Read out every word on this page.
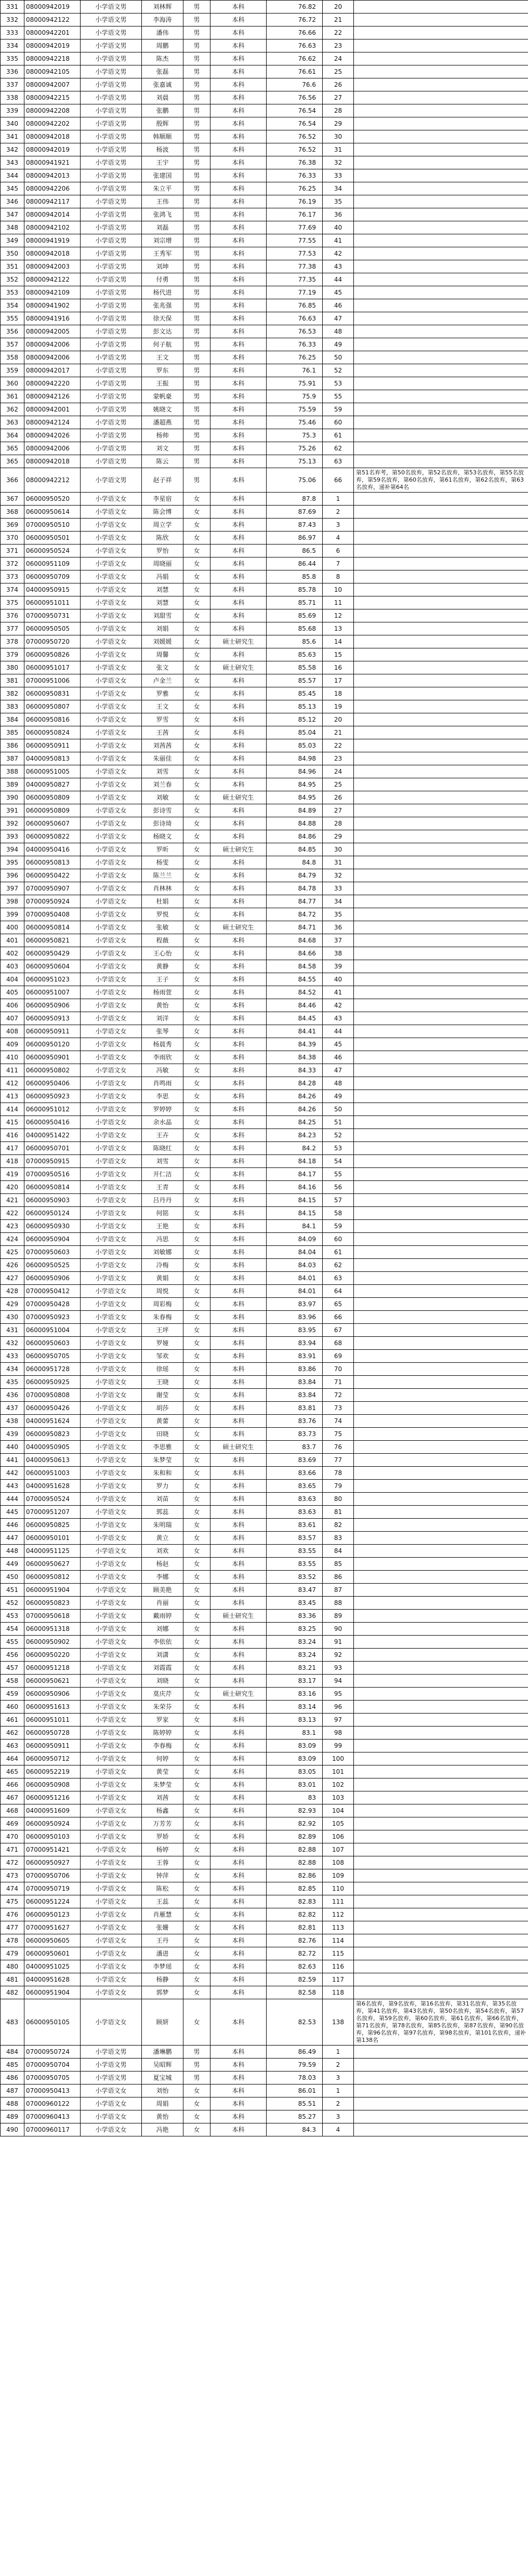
331	08000942019	小学语文男	刘林辉	男	本科	76.82	20	
332	08000942122	小学语文男	李海涛	男	本科	76.72	21	
333	08000942201	小学语文男	潘伟	男	本科	76.66	22	
334	08000942019	小学语文男	周鹏	男	本科	76.63	23	
335	08000942218	小学语文男	陈杰	男	本科	76.62	24	
336	08000942105	小学语文男	张磊	男	本科	76.61	25	
337	08000942007	小学语文男	张嘉诚	男	本科	76.6	26	
338	08000942215	小学语文男	刘晨	男	本科	76.56	27	
339	08000942208	小学语文男	张鹏	男	本科	76.54	28	
340	08000942202	小学语文男	殷辉	男	本科	76.54	29	
341	08000942018	小学语文男	韩顺顺	男	本科	76.52	30	
342	08000942019	小学语文男	杨波	男	本科	76.52	31	
343	08000941921	小学语文男	王宇	男	本科	76.38	32	
344	08000942013	小学语文男	张建国	男	本科	76.33	33	
345	08000942206	小学语文男	朱立平	男	本科	76.25	34	
346	08000942117	小学语文男	王伟	男	本科	76.19	35	
347	08000942014	小学语文男	张鸿飞	男	本科	76.17	36	
348	08000942102	小学语文男	刘磊	男	本科	77.69	40	
349	08000941919	小学语文男	刘宗增	男	本科	77.55	41	
350	08000942018	小学语文男	王秀军	男	本科	77.53	42	
351	08000942003	小学语文男	刘坤	男	本科	77.38	43	
352	08000942122	小学语文男	付勇	男	本科	77.35	44	
353	08000942109	小学语文男	杨代进	男	本科	77.19	45	
354	08000941902	小学语文男	张兆强	男	本科	76.85	46	
355	08000941916	小学语文男	徐天保	男	本科	76.63	47	
356	08000942005	小学语文男	彭文达	男	本科	76.53	48	
357	08000942006	小学语文男	何子航	男	本科	76.33	49	
358	08000942006	小学语文男	王文	男	本科	76.25	50	
359	08000942017	小学语文男	罗东	男	本科	76.1	52	
360	08000942220	小学语文男	王振	男	本科	75.91	53	
361	08000942126	小学语文男	蒙帆豪	男	本科	75.9	55	
362	08000942001	小学语文男	姚晓文	男	本科	75.59	59	
363	08000942124	小学语文男	潘超燕	男	本科	75.46	60	
364	08000942026	小学语文男	杨帅	男	本科	75.3	61	
365	08000942006	小学语文男	刘文	男	本科	75.26	62	
365	08000942018	小学语文男	陈云	男	本科	75.13	63	
366	08000942212	小学语文男	赵子祥	男	本科	75.06	66	第51名弃考，第50名放弃，第52名放弃，第53名放弃，第55名放弃，第59名放弃，第60名放弃，第61名放弃，第62名放弃，第63名放弃，递补第64名
367	06000950520	小学语文女	李星宿	女	本科	87.8	1	
368	06000950614	小学语文女	陈会博	女	本科	87.69	2	
369	07000950510	小学语文女	周立学	女	本科	87.43	3	
370	06000950501	小学语文女	陈欣	女	本科	86.97	4	
371	06000950524	小学语文女	罗怡	女	本科	86.5	6	
372	06000951109	小学语文女	周晓丽	女	本科	86.44	7	
373	06000950709	小学语文女	冯娟	女	本科	85.8	8	
374	04000950915	小学语文女	刘慧	女	本科	85.78	10	
375	06000951011	小学语文女	刘慧	女	本科	85.71	11	
376	07000950731	小学语文女	刘甜雪	女	本科	85.69	12	
377	06000950505	小学语文女	刘娟	女	本科	85.68	13	
378	07000950720	小学语文女	刘媛媛	女	硕士研究生	85.6	14	
379	06000950826	小学语文女	周馨	女	本科	85.63	15	
380	06000951017	小学语文女	张文	女	硕士研究生	85.58	16	
381	07000951006	小学语文女	卢金兰	女	本科	85.57	17	
382	06000950831	小学语文女	罗雅	女	本科	85.45	18	
383	06000950807	小学语文女	王文	女	本科	85.13	19	
384	06000950816	小学语文女	罗雪	女	本科	85.12	20	
385	06000950824	小学语文女	王茜	女	本科	85.04	21	
386	06000950911	小学语文女	刘茜茜	女	本科	85.03	22	
387	04000950813	小学语文女	朱丽佳	女	本科	84.98	23	
388	06000951005	小学语文女	刘雪	女	本科	84.96	24	
389	04000950827	小学语文女	刘兰春	女	本科	84.95	25	
390	06000950809	小学语文女	刘敏	女	硕士研究生	84.95	26	
391	06000950809	小学语文女	彭诗雪	女	本科	84.89	27	
392	06000950607	小学语文女	彭诗琦	女	本科	84.88	28	
393	06000950822	小学语文女	杨晓文	女	本科	84.86	29	
394	04000950416	小学语文女	罗昕	女	硕士研究生	84.85	30	
395	06000950813	小学语文女	杨雯	女	本科	84.8	31	
396	06000950422	小学语文女	陈兰兰	女	本科	84.79	32	
397	07000950907	小学语文女	肖林林	女	本科	84.78	33	
398	07000950924	小学语文女	杜娟	女	本科	84.77	34	
399	07000950408	小学语文女	罗悦	女	本科	84.72	35	
400	06000950814	小学语文女	张敏	女	硕士研究生	84.71	36	
401	06000950821	小学语文女	程薇	女	本科	84.68	37	
402	06000950429	小学语文女	王心怡	女	本科	84.66	38	
403	06000950604	小学语文女	黄静	女	本科	84.58	39	
404	06000951023	小学语文女	王子	女	本科	84.55	40	
405	06000951007	小学语文女	杨雨萱	女	本科	84.52	41	
406	06000950906	小学语文女	黄怡	女	本科	84.46	42	
407	06000950913	小学语文女	刘洋	女	本科	84.45	43	
408	06000950911	小学语文女	张琴	女	本科	84.41	44	
409	06000950120	小学语文女	杨晨秀	女	本科	84.39	45	
410	06000950901	小学语文女	李雨欣	女	本科	84.38	46	
411	06000950802	小学语文女	冯敏	女	本科	84.33	47	
412	06000950406	小学语文女	肖鸣雨	女	本科	84.28	48	
413	06000950923	小学语文女	李思	女	本科	84.26	49	
414	06000951012	小学语文女	罗婷婷	女	本科	84.26	50	
415	06000950416	小学语文女	余水晶	女	本科	84.25	51	
416	04000951422	小学语文女	王卉	女	本科	84.23	52	
417	06000950701	小学语文女	陈晓红	女	本科	84.2	53	
418	07000950915	小学语文女	刘雪	女	本科	84.18	54	
419	07000950516	小学语文女	开仁洁	女	本科	84.17	55	
420	06000950814	小学语文女	王青	女	本科	84.16	56	
421	06000950903	小学语文女	吕丹丹	女	本科	84.15	57	
422	06000950124	小学语文女	何铭	女	本科	84.15	58	
423	06000950930	小学语文女	王艳	女	本科	84.1	59	
424	06000950904	小学语文女	冯思	女	本科	84.09	60	
425	07000950603	小学语文女	刘敏娜	女	本科	84.04	61	
426	06000950525	小学语文女	冷梅	女	本科	84.03	62	
427	06000950906	小学语文女	黄娟	女	本科	84.01	63	
428	07000950412	小学语文女	周悦	女	本科	84.01	64	
429	07000950428	小学语文女	周彩梅	女	本科	83.97	65	
430	07000950923	小学语文女	朱春梅	女	本科	83.96	66	
431	06000951004	小学语文女	王坪	女	本科	83.95	67	
432	06000950603	小学语文女	罗娅	女	本科	83.94	68	
433	06000950705	小学语文女	邹欢	女	本科	83.91	69	
434	06000951728	小学语文女	徐瑶	女	本科	83.86	70	
435	06000950925	小学语文女	王晓	女	本科	83.84	71	
436	07000950808	小学语文女	谢莹	女	本科	83.84	72	
437	06000950426	小学语文女	胡莎	女	本科	83.81	73	
438	04000951624	小学语文女	黄蕾	女	本科	83.76	74	
439	06000950823	小学语文女	田晓	女	本科	83.73	75	
440	04000950905	小学语文女	李思雅	女	硕士研究生	83.7	76	
441	04000950613	小学语文女	朱梦莹	女	本科	83.69	77	
442	06000951003	小学语文女	朱和和	女	本科	83.66	78	
443	04000951628	小学语文女	罗力	女	本科	83.65	79	
444	07000950524	小学语文女	刘苗	女	本科	83.63	80	
445	07000951207	小学语文女	郭蕊	女	本科	83.63	81	
446	06000950825	小学语文女	朱明瑞	女	本科	83.61	82	
447	06000950101	小学语文女	黄立	女	本科	83.57	83	
448	04000951125	小学语文女	刘欢	女	本科	83.55	84	
449	06000950627	小学语文女	杨赵	女	本科	83.55	85	
450	06000950812	小学语文女	李娜	女	本科	83.52	86	
451	06000951904	小学语文女	顾美艳	女	本科	83.47	87	
452	06000950823	小学语文女	肖丽	女	本科	83.45	88	
453	07000950618	小学语文女	戴雨婷	女	硕士研究生	83.36	89	
454	06000951318	小学语文女	刘娜	女	本科	83.25	90	
455	06000950902	小学语文女	李依依	女	本科	83.24	91	
456	06000950220	小学语文女	刘潇	女	本科	83.24	92	
457	06000951218	小学语文女	刘霞霞	女	本科	83.21	93	
458	06000950621	小学语文女	刘晓	女	本科	83.17	94	
459	06000950906	小学语文女	莫庆芹	女	硕士研究生	83.16	95	
460	06000951613	小学语文女	朱荣芬	女	本科	83.14	96	
461	06000951011	小学语文女	罗家	女	本科	83.13	97	
462	06000950728	小学语文女	陈婷婷	女	本科	83.1	98	
463	06000950911	小学语文女	李春梅	女	本科	83.09	99	
464	06000950712	小学语文女	何婷	女	本科	83.09	100	
465	06000952219	小学语文女	黄莹	女	本科	83.05	101	
466	06000950908	小学语文女	朱梦莹	女	本科	83.01	102	
467	06000951216	小学语文女	刘茜	女	本科	83	103	
468	04000951609	小学语文女	杨鑫	女	本科	82.93	104	
469	06000950924	小学语文女	万芳芳	女	本科	82.92	105	
470	06000950103	小学语文女	罗娇	女	本科	82.89	106	
471	07000951421	小学语文女	杨婷	女	本科	82.88	107	
472	06000950927	小学语文女	王蓉	女	本科	82.88	108	
473	07000950706	小学语文女	钟萍	女	本科	82.86	109	
474	07000950719	小学语文女	陈松	女	本科	82.85	110	
475	06000951224	小学语文女	王蕊	女	本科	82.83	111	
476	06000950123	小学语文女	肖雁慧	女	本科	82.82	112	
477	07000951627	小学语文女	张姗	女	本科	82.81	113	
478	06000950605	小学语文女	王丹	女	本科	82.76	114	
479	06000950601	小学语文女	潘进	女	本科	82.72	115	
480	04000951025	小学语文女	李梦瑶	女	本科	82.63	116	
481	04000951628	小学语文女	杨静	女	本科	82.59	117	
482	06000951904	小学语文女	郭梦	女	本科	82.58	118	
483	06000950105	小学语文女	顾妍	女	本科	82.53	138	第6名放弃，第9名放弃，第16名放弃，第31名放弃，第35名放弃，第41名放弃，第43名放弃，第50名放弃，第54名放弃，第57名放弃，第59名放弃，第60名放弃，第61名放弃，第66名放弃，第71名放弃，第78名放弃，第85名放弃，第87名放弃，第90名放弃，第96名放弃，第97名放弃，第98名放弃，第101名放弃，递补第138名
484	07000950724	小学语文男	潘琳鹏	男	本科	86.49	1	
485	07000950704	小学语文男	吴昭辉	男	本科	79.59	2	
486	07000950705	小学语文男	夏宝城	男	本科	78.03	3	
487	07000950413	小学语文女	刘怡	女	本科	86.01	1	
488	07000960122	小学语文女	周娟	女	本科	85.51	2	
489	07000960413	小学语文女	黄怡	女	本科	85.27	3	
490	07000960117	小学语文女	冯艳	女	本科	84.3	4	
